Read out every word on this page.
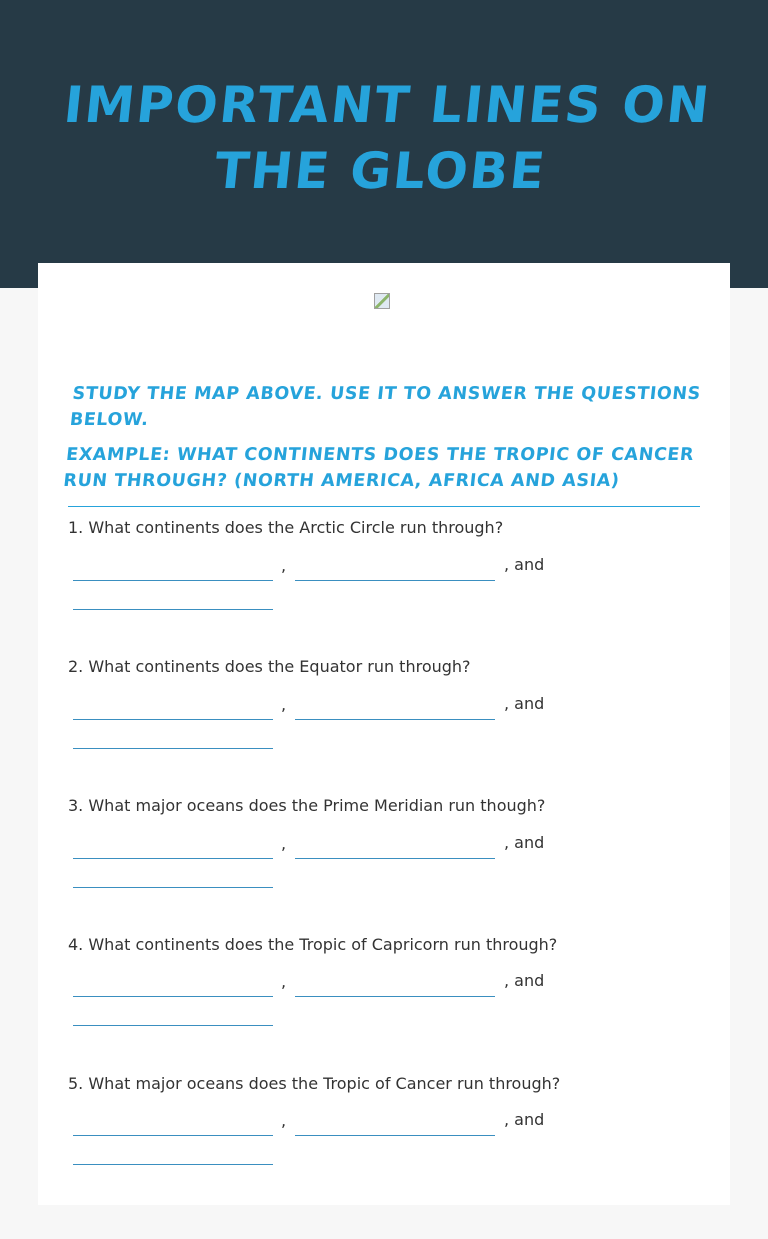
IMPORTANT LINES ON THE GLOBE
STUDY THE MAP ABOVE. USE IT TO ANSWER THE QUESTIONS BELOW.
EXAMPLE: WHAT CONTINENTS DOES THE TROPIC OF CANCER RUN THROUGH? (NORTH AMERICA, AFRICA AND ASIA)
1. What continents does the Arctic Circle run through?
,	, and
2. What continents does the Equator run through?
,	, and
3. What major oceans does the Prime Meridian run though?
,	, and
4. What continents does the Tropic of Capricorn run through?
,	, and
5. What major oceans does the Tropic of Cancer run through?
,	, and
